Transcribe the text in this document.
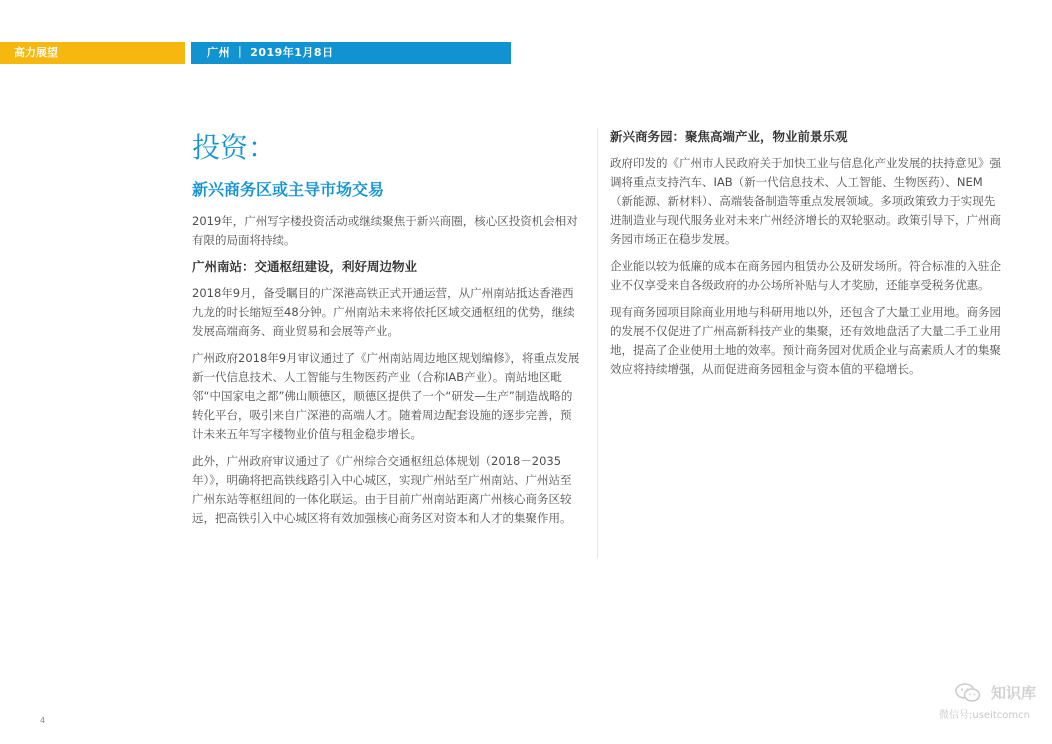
高力展望	广州 ｜ 2019年1月8日
投资：
新兴商务区或主导市场交易

2019年，广州写字楼投资活动或继续聚焦于新兴商圈，核心区投资机会相对有限的局面将持续。

广州南站：交通枢纽建设，利好周边物业

2018年9月，备受瞩目的广深港高铁正式开通运营，从广州南站抵达香港西九龙的时长缩短至48分钟。广州南站未来将依托区域交通枢纽的优势，继续发展高端商务、商业贸易和会展等产业。

广州政府2018年9月审议通过了《广州南站周边地区规划编修》，将重点发展新一代信息技术、人工智能与生物医药产业（合称IAB产业）。南站地区毗邻“中国家电之都”佛山顺德区，顺德区提供了一个“研发—生产”制造战略的转化平台，吸引来自广深港的高端人才。随着周边配套设施的逐步完善，预计未来五年写字楼物业价值与租金稳步增长。

此外，广州政府审议通过了《广州综合交通枢纽总体规划（2018－2035年）》，明确将把高铁线路引入中心城区，实现广州站至广州南站、广州站至广州东站等枢纽间的一体化联运。由于目前广州南站距离广州核心商务区较远，把高铁引入中心城区将有效加强核心商务区对资本和人才的集聚作用。

新兴商务园：聚焦高端产业，物业前景乐观

政府印发的《广州市人民政府关于加快工业与信息化产业发展的扶持意见》强调将重点支持汽车、IAB（新一代信息技术、人工智能、生物医药）、NEM（新能源、新材料）、高端装备制造等重点发展领域。多项政策致力于实现先进制造业与现代服务业对未来广州经济增长的双轮驱动。政策引导下，广州商务园市场正在稳步发展。

企业能以较为低廉的成本在商务园内租赁办公及研发场所。符合标准的入驻企业不仅享受来自各级政府的办公场所补贴与人才奖励，还能享受税务优惠。

现有商务园项目除商业用地与科研用地以外，还包含了大量工业用地。商务园的发展不仅促进了广州高新科技产业的集聚，还有效地盘活了大量二手工业用地，提高了企业使用土地的效率。预计商务园对优质企业与高素质人才的集聚效应将持续增强，从而促进商务园租金与资本值的平稳增长。

4
知识库
微信号:useitcomcn
